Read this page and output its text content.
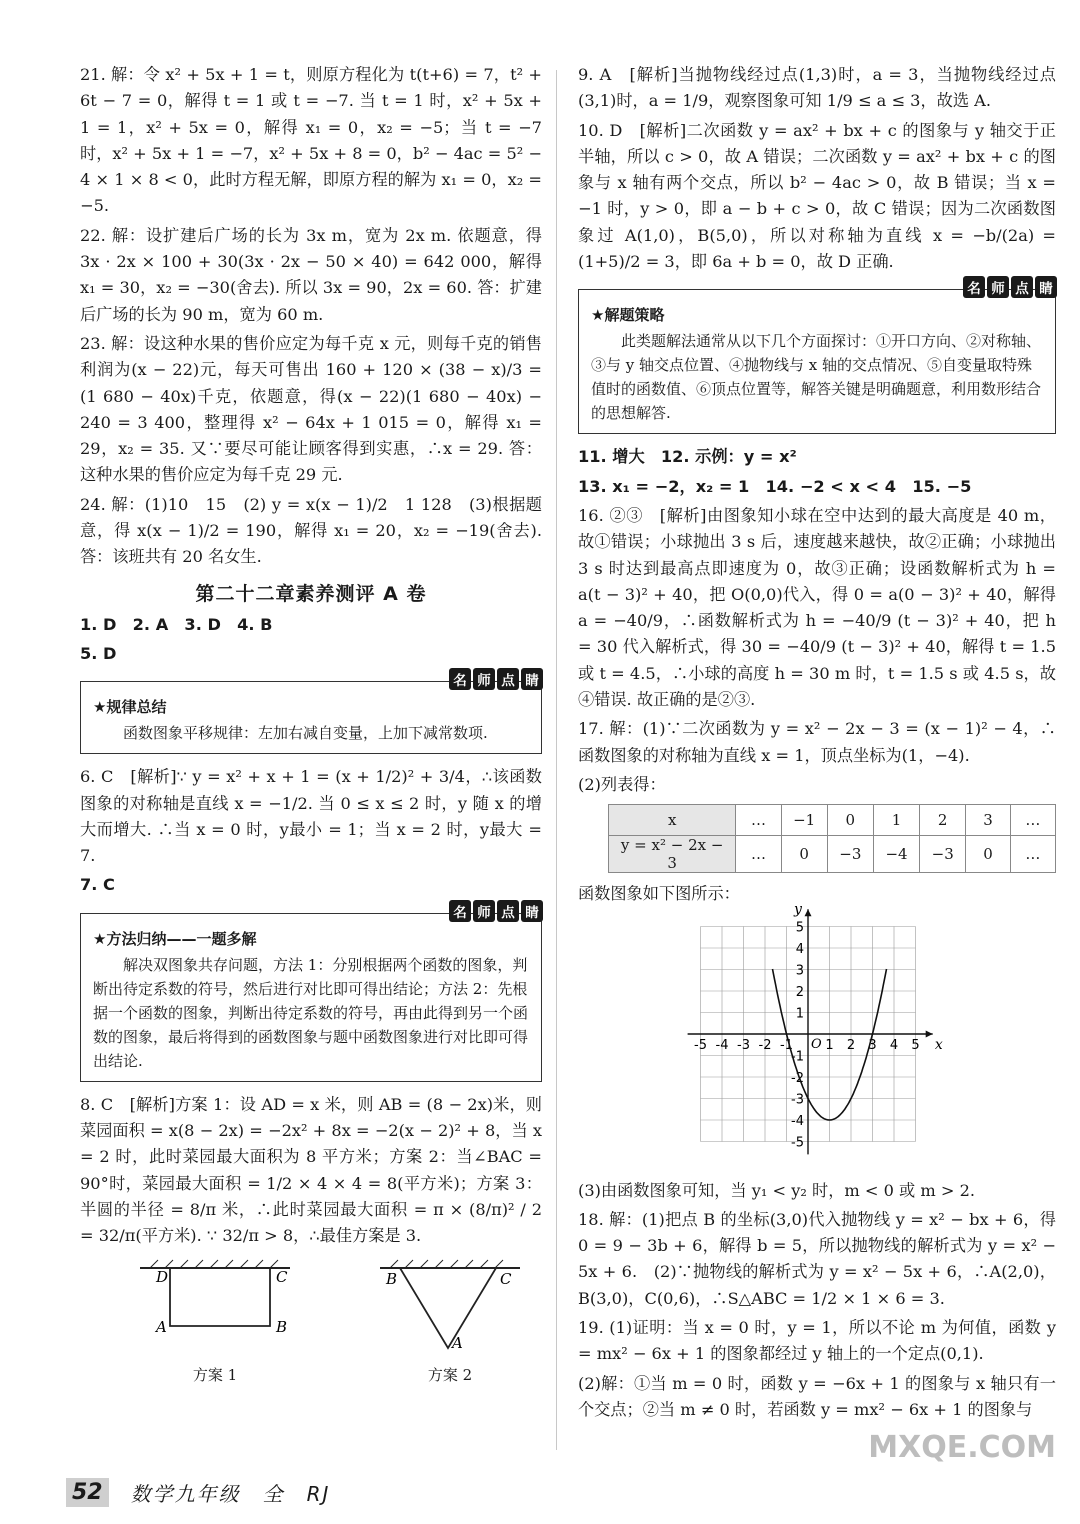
21. 解：令 x² + 5x + 1 = t，则原方程化为 t(t+6) = 7，t² + 6t − 7 = 0，解得 t = 1 或 t = −7. 当 t = 1 时，x² + 5x + 1 = 1，x² + 5x = 0，解得 x₁ = 0，x₂ = −5；当 t = −7 时，x² + 5x + 1 = −7，x² + 5x + 8 = 0，b² − 4ac = 5² − 4 × 1 × 8 < 0，此时方程无解，即原方程的解为 x₁ = 0，x₂ = −5.

22. 解：设扩建后广场的长为 3x m，宽为 2x m. 依题意，得 3x · 2x × 100 + 30(3x · 2x − 50 × 40) = 642 000，解得 x₁ = 30，x₂ = −30(舍去). 所以 3x = 90，2x = 60. 答：扩建后广场的长为 90 m，宽为 60 m.

23. 解：设这种水果的售价应定为每千克 x 元，则每千克的销售利润为(x − 22)元，每天可售出 160 + 120 × (38 − x)/3 = (1 680 − 40x)千克，依题意，得(x − 22)(1 680 − 40x) − 240 = 3 400，整理得 x² − 64x + 1 015 = 0，解得 x₁ = 29，x₂ = 35. 又∵要尽可能让顾客得到实惠，∴x = 29. 答：这种水果的售价应定为每千克 29 元.

24. 解：(1)10　15　(2) y = x(x − 1)/2　1 128　(3)根据题意，得 x(x − 1)/2 = 190，解得 x₁ = 20，x₂ = −19(舍去). 答：该班共有 20 名女生.

第二十二章素养测评 A 卷

1. D　2. A　3. D　4. B

5. D

名 师 点 睛

★规律总结

函数图象平移规律：左加右减自变量，上加下减常数项.

6. C　[解析]∵ y = x² + x + 1 = (x + 1/2)² + 3/4，∴该函数图象的对称轴是直线 x = −1/2. 当 0 ≤ x ≤ 2 时，y 随 x 的增大而增大. ∴当 x = 0 时，y最小 = 1；当 x = 2 时，y最大 = 7.

7. C

名 师 点 睛

★方法归纳——一题多解

解决双图象共存问题，方法 1：分别根据两个函数的图象，判断出待定系数的符号，然后进行对比即可得出结论；方法 2：先根据一个函数的图象，判断出待定系数的符号，再由此得到另一个函数的图象，最后将得到的函数图象与题中函数图象进行对比即可得出结论.

8. C　[解析]方案 1：设 AD = x 米，则 AB = (8 − 2x)米，则菜园面积 = x(8 − 2x) = −2x² + 8x = −2(x − 2)² + 8，当 x = 2 时，此时菜园最大面积为 8 平方米；方案 2：当∠BAC = 90°时，菜园最大面积 = 1/2 × 4 × 4 = 8(平方米)；方案 3：半圆的半径 = 8/π 米，∴此时菜园最大面积 = π × (8/π)² / 2 = 32/π(平方米). ∵ 32/π > 8，∴最佳方案是 3.

D	C
A	B
方案 1
B	C
A
方案 2

9. A　[解析]当抛物线经过点(1,3)时，a = 3，当抛物线经过点(3,1)时，a = 1/9，观察图象可知 1/9 ≤ a ≤ 3，故选 A.

10. D　[解析]二次函数 y = ax² + bx + c 的图象与 y 轴交于正半轴，所以 c > 0，故 A 错误；二次函数 y = ax² + bx + c 的图象与 x 轴有两个交点，所以 b² − 4ac > 0，故 B 错误；当 x = −1 时，y > 0，即 a − b + c > 0，故 C 错误；因为二次函数图象过 A(1,0)，B(5,0)，所以对称轴为直线 x = −b/(2a) = (1+5)/2 = 3，即 6a + b = 0，故 D 正确.

名 师 点 睛

★解题策略

此类题解法通常从以下几个方面探讨：①开口方向、②对称轴、③与 y 轴交点位置、④抛物线与 x 轴的交点情况、⑤自变量取特殊值时的函数值、⑥顶点位置等，解答关键是明确题意，利用数形结合的思想解答.

11. 增大　12. 示例：y = x²

13. x₁ = −2，x₂ = 1　14. −2 < x < 4　15. −5

16. ②③　[解析]由图象知小球在空中达到的最大高度是 40 m，故①错误；小球抛出 3 s 后，速度越来越快，故②正确；小球抛出 3 s 时达到最高点即速度为 0，故③正确；设函数解析式为 h = a(t − 3)² + 40，把 O(0,0)代入，得 0 = a(0 − 3)² + 40，解得 a = −40/9，∴函数解析式为 h = −40/9 (t − 3)² + 40，把 h = 30 代入解析式，得 30 = −40/9 (t − 3)² + 40，解得 t = 1.5 或 t = 4.5，∴小球的高度 h = 30 m 时，t = 1.5 s 或 4.5 s，故④错误. 故正确的是②③.

17. 解：(1)∵二次函数为 y = x² − 2x − 3 = (x − 1)² − 4，∴函数图象的对称轴为直线 x = 1，顶点坐标为(1，−4).

(2)列表得：

x	…	−1	0	1	2	3	…
y = x² − 2x − 3	…	0	−3	−4	−3	0	…

函数图象如下图所示：

-5 -4 -3 -2 -1 1 2 3 4 5
5
4
3
2
1
-1
-2
-3
-4
-5
x
y
O

(3)由函数图象可知，当 y₁ < y₂ 时，m < 0 或 m > 2.

18. 解：(1)把点 B 的坐标(3,0)代入抛物线 y = x² − bx + 6，得 0 = 9 − 3b + 6，解得 b = 5，所以抛物线的解析式为 y = x² − 5x + 6.　(2)∵抛物线的解析式为 y = x² − 5x + 6，∴A(2,0)，B(3,0)，C(0,6)，∴S△ABC = 1/2 × 1 × 6 = 3.

19. (1)证明：当 x = 0 时，y = 1，所以不论 m 为何值，函数 y = mx² − 6x + 1 的图象都经过 y 轴上的一个定点(0,1).

(2)解：①当 m = 0 时，函数 y = −6x + 1 的图象与 x 轴只有一个交点；②当 m ≠ 0 时，若函数 y = mx² − 6x + 1 的图象与

52	数学九年级　全　RJ
MXQE.COM
